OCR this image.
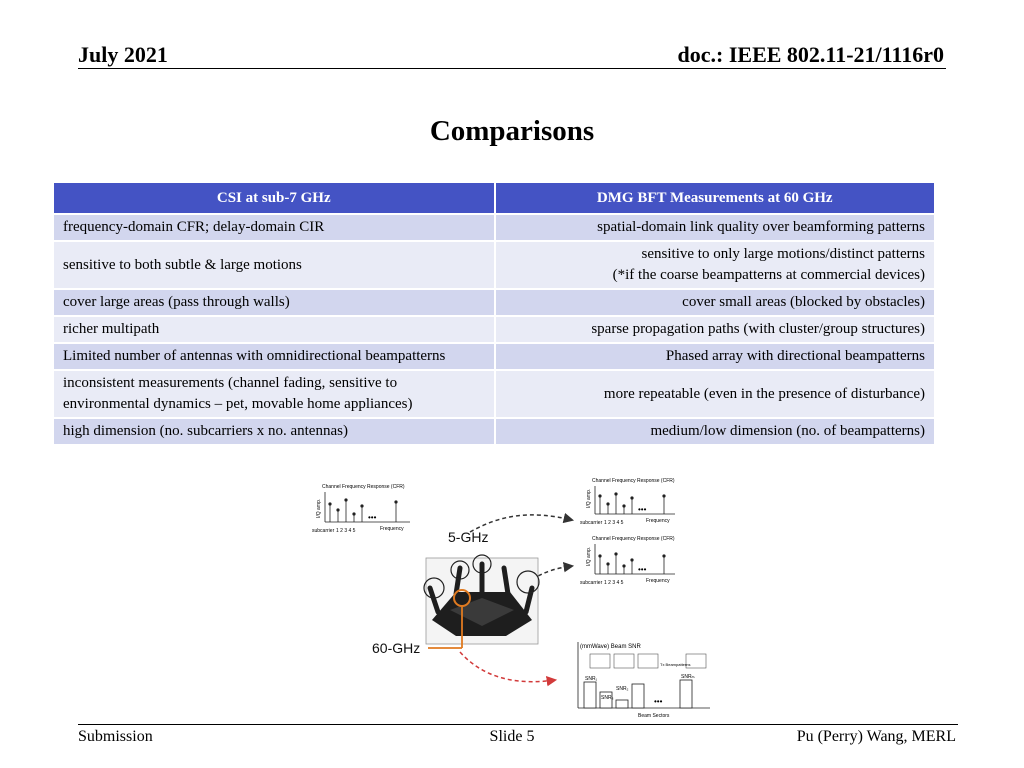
July 2021	doc.: IEEE 802.11-21/1116r0

Comparisons
CSI at sub-7 GHz	DMG BFT Measurements at 60 GHz
frequency-domain CFR; delay-domain CIR	spatial-domain link quality over beamforming patterns
sensitive to both subtle & large motions	sensitive to only large motions/distinct patterns
(*if the coarse beampatterns at commercial devices)

cover large areas (pass through walls)	cover small areas (blocked by obstacles)
richer multipath	sparse propagation paths (with cluster/group structures)
Limited number of antennas with omnidirectional beampatterns	Phased array with directional beampatterns

inconsistent measurements (channel fading, sensitive to
environmental dynamics – pet, movable home appliances)	more repeatable (even in the presence of disturbance)
high dimension (no. subcarriers x no. antennas)	medium/low dimension (no. of beampatterns)
Channel Frequency Response (CFR)
I/Q amp.	•••
subcarrier 1 2 3 4 5	Frequency
Channel Frequency Response (CFR)
I/Q amp.
•••
subcarrier 1 2 3 4 5	Frequency
Channel Frequency Response (CFR)
I/Q amp.
•••
subcarrier 1 2 3 4 5	Frequency
5-GHz
60-GHz	(mmWave) Beam SNR
Tx Beampatterns
SNR₁
SNR₂
SNR₃
SNRₘ
•••
Beam Sectors

Submission	Slide 5	Pu (Perry) Wang, MERL
